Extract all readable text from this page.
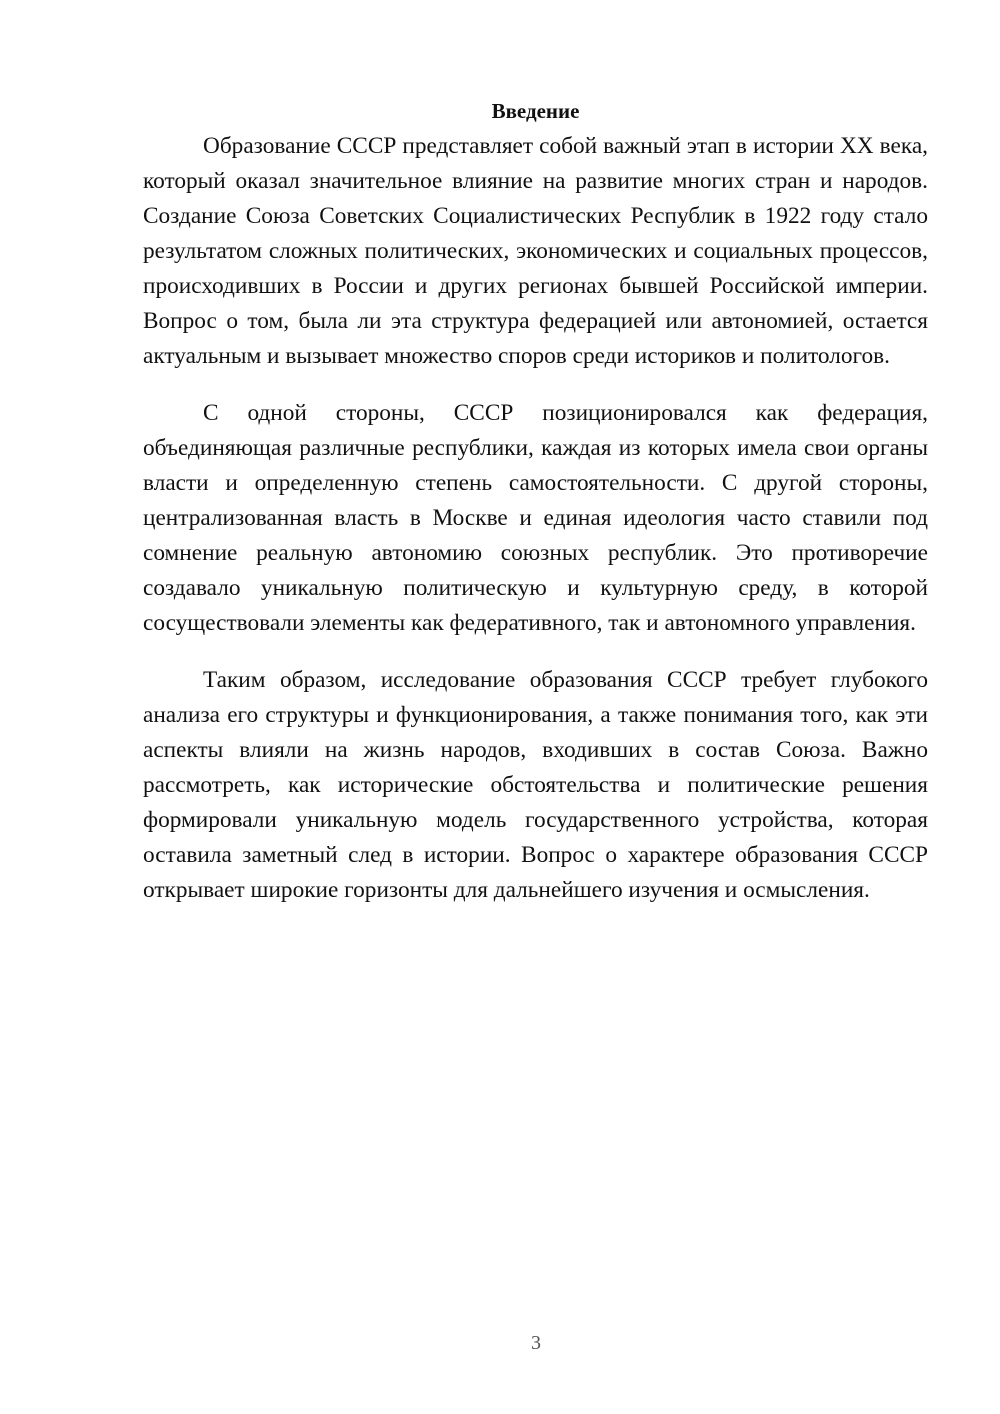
Введение

Образование СССР представляет собой важный этап в истории XX века, который оказал значительное влияние на развитие многих стран и народов. Создание Союза Советских Социалистических Республик в 1922 году стало результатом сложных политических, экономических и социальных процессов, происходивших в России и других регионах бывшей Российской империи. Вопрос о том, была ли эта структура федерацией или автономией, остается актуальным и вызывает множество споров среди историков и политологов.

С одной стороны, СССР позиционировался как федерация, объединяющая различные республики, каждая из которых имела свои органы власти и определенную степень самостоятельности. С другой стороны, централизованная власть в Москве и единая идеология часто ставили под сомнение реальную автономию союзных республик. Это противоречие создавало уникальную политическую и культурную среду, в которой сосуществовали элементы как федеративного, так и автономного управления.

Таким образом, исследование образования СССР требует глубокого анализа его структуры и функционирования, а также понимания того, как эти аспекты влияли на жизнь народов, входивших в состав Союза. Важно рассмотреть, как исторические обстоятельства и политические решения формировали уникальную модель государственного устройства, которая оставила заметный след в истории. Вопрос о характере образования СССР открывает широкие горизонты для дальнейшего изучения и осмысления.

3
